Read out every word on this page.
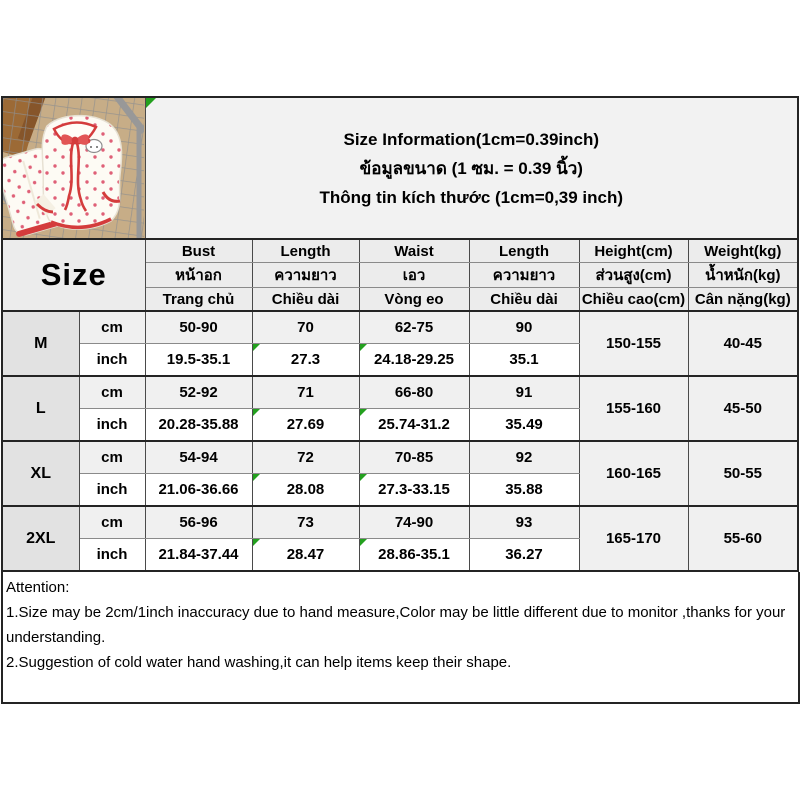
Size Information(1cm=0.39inch)
ข้อมูลขนาด (1 ซม. = 0.39 นิ้ว)
Thông tin kích thước (1cm=0,39 inch)					

Size		Bust	Length	Waist	Length	Height(cm)	Weight(kg)
		หน้าอก	ความยาว	เอว	ความยาว	ส่วนสูง(cm)	น้ำหนัก(kg)
		Trang chủ	Chiều dài	Vòng eo	Chiều dài	Chiều cao(cm)	Cân nặng(kg)
M	cm	50-90	70	62-75	90	150-155	40-45
	inch	19.5-35.1	27.3	24.18-29.25	35.1		
L	cm	52-92	71	66-80	91	155-160	45-50
	inch	20.28-35.88	27.69	25.74-31.2	35.49		
XL	cm	54-94	72	70-85	92	160-165	50-55
	inch	21.06-36.66	28.08	27.3-33.15	35.88		
2XL	cm	56-96	73	74-90	93	165-170	55-60
	inch	21.84-37.44	28.47	28.86-35.1	36.27		
Attention:
1.Size may be 2cm/1inch inaccuracy due to hand measure,Color may be little different due to monitor ,thanks for your understanding.
2.Suggestion of cold water hand washing,it can help items keep their shape.
